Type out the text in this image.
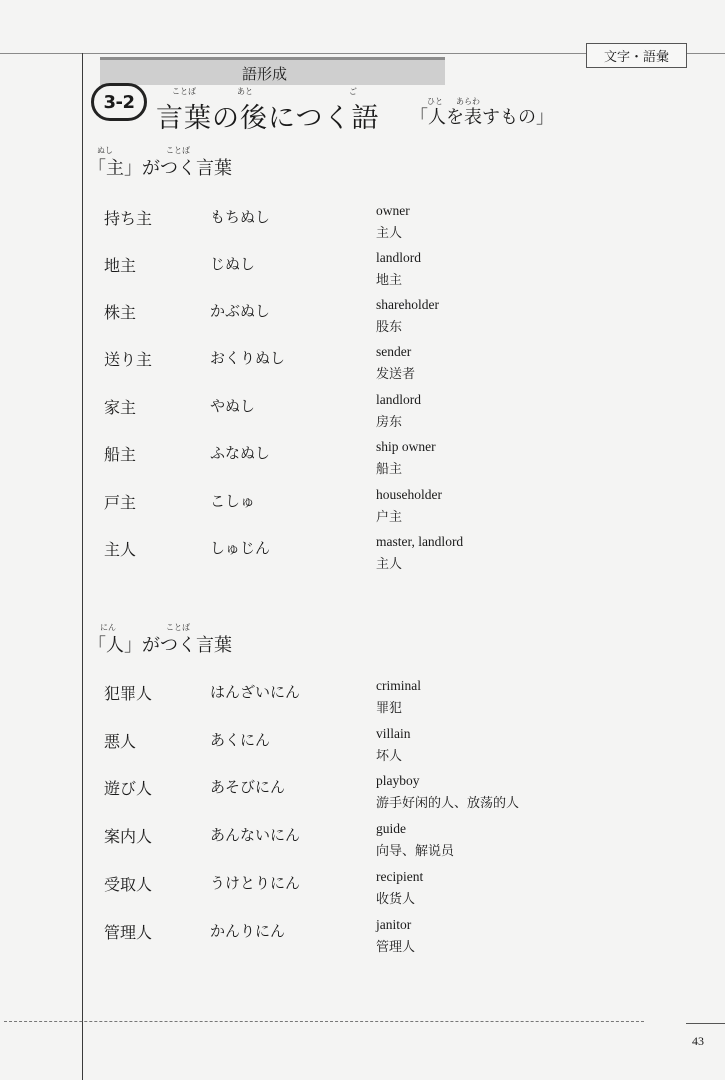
文字・語彙
語形成
3-2	ことば	あと	ご
言葉の後につく語
ひと あらわ
「人を表すもの」
ぬし	ことば
「主」がつく言葉
持ち主	もちぬし	owner
主人
地主	じぬし	landlord
地主
株主	かぶぬし	shareholder
股东
送り主	おくりぬし	sender
发送者
家主	やぬし	landlord
房东
船主	ふなぬし	ship owner
船主
戸主	こしゅ	householder
户主
主人	しゅじん	master, landlord
主人
にん	ことば
「人」がつく言葉
犯罪人	はんざいにん	criminal
罪犯
悪人	あくにん	villain
坏人
遊び人	あそびにん	playboy
游手好闲的人、放荡的人
案内人	あんないにん	guide
向导、解说员
受取人	うけとりにん	recipient
收货人
管理人	かんりにん	janitor
管理人
43
